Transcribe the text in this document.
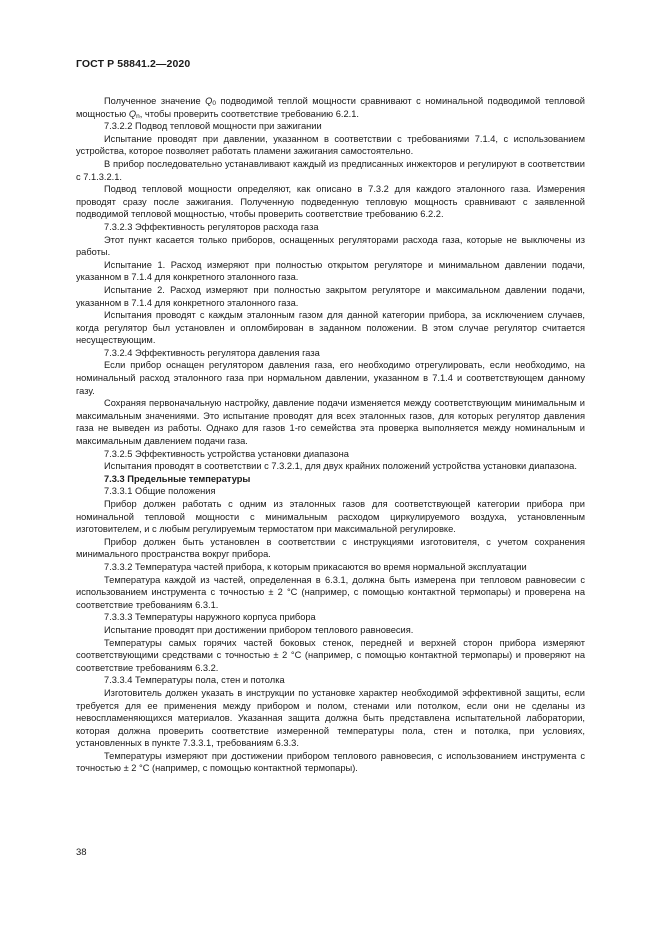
ГОСТ Р 58841.2—2020

Полученное значение $Q_0$ подводимой теплой мощности сравнивают с номинальной подводимой тепловой мощностью $Q_n$, чтобы проверить соответствие требованию 6.2.1.

7.3.2.2 Подвод тепловой мощности при зажигании

Испытание проводят при давлении, указанном в соответствии с требованиями 7.1.4, с использованием устройства, которое позволяет работать пламени зажигания самостоятельно.

В прибор последовательно устанавливают каждый из предписанных инжекторов и регулируют в соответствии с 7.1.3.2.1.

Подвод тепловой мощности определяют, как описано в 7.3.2 для каждого эталонного газа. Измерения проводят сразу после зажигания. Полученную подведенную тепловую мощность сравнивают с заявленной подводимой тепловой мощностью, чтобы проверить соответствие требованию 6.2.2.

7.3.2.3 Эффективность регуляторов расхода газа

Этот пункт касается только приборов, оснащенных регуляторами расхода газа, которые не выключены из работы.

Испытание 1. Расход измеряют при полностью открытом регуляторе и минимальном давлении подачи, указанном в 7.1.4 для конкретного эталонного газа.

Испытание 2. Расход измеряют при полностью закрытом регуляторе и максимальном давлении подачи, указанном в 7.1.4 для конкретного эталонного газа.

Испытания проводят с каждым эталонным газом для данной категории прибора, за исключением случаев, когда регулятор был установлен и опломбирован в заданном положении. В этом случае регулятор считается несуществующим.

7.3.2.4 Эффективность регулятора давления газа

Если прибор оснащен регулятором давления газа, его необходимо отрегулировать, если необходимо, на номинальный расход эталонного газа при нормальном давлении, указанном в 7.1.4 и соответствующем данному газу.

Сохраняя первоначальную настройку, давление подачи изменяется между соответствующим минимальным и максимальным значениями. Это испытание проводят для всех эталонных газов, для которых регулятор давления газа не выведен из работы. Однако для газов 1-го семейства эта проверка выполняется между номинальным и максимальным давлением подачи газа.

7.3.2.5 Эффективность устройства установки диапазона

Испытания проводят в соответствии с 7.3.2.1, для двух крайних положений устройства установки диапазона.

7.3.3 Предельные температуры

7.3.3.1 Общие положения

Прибор должен работать с одним из эталонных газов для соответствующей категории прибора при номинальной тепловой мощности с минимальным расходом циркулируемого воздуха, установленным изготовителем, и с любым регулируемым термостатом при максимальной регулировке.

Прибор должен быть установлен в соответствии с инструкциями изготовителя, с учетом сохранения минимального пространства вокруг прибора.

7.3.3.2 Температура частей прибора, к которым прикасаются во время нормальной эксплуатации

Температура каждой из частей, определенная в 6.3.1, должна быть измерена при тепловом равновесии с использованием инструмента с точностью ± 2 °C (например, с помощью контактной термопары) и проверена на соответствие требованиям 6.3.1.

7.3.3.3 Температуры наружного корпуса прибора

Испытание проводят при достижении прибором теплового равновесия.

Температуры самых горячих частей боковых стенок, передней и верхней сторон прибора измеряют соответствующими средствами с точностью ± 2 °C (например, с помощью контактной термопары) и проверяют на соответствие требованиям 6.3.2.

7.3.3.4 Температуры пола, стен и потолка

Изготовитель должен указать в инструкции по установке характер необходимой эффективной защиты, если требуется для ее применения между прибором и полом, стенами или потолком, если они не сделаны из невоспламеняющихся материалов. Указанная защита должна быть представлена испытательной лаборатории, которая должна проверить соответствие измеренной температуры пола, стен и потолка, при условиях, установленных в пункте 7.3.3.1, требованиям 6.3.3.

Температуры измеряют при достижении прибором теплового равновесия, с использованием инструмента с точностью ± 2 °C (например, с помощью контактной термопары).

38
